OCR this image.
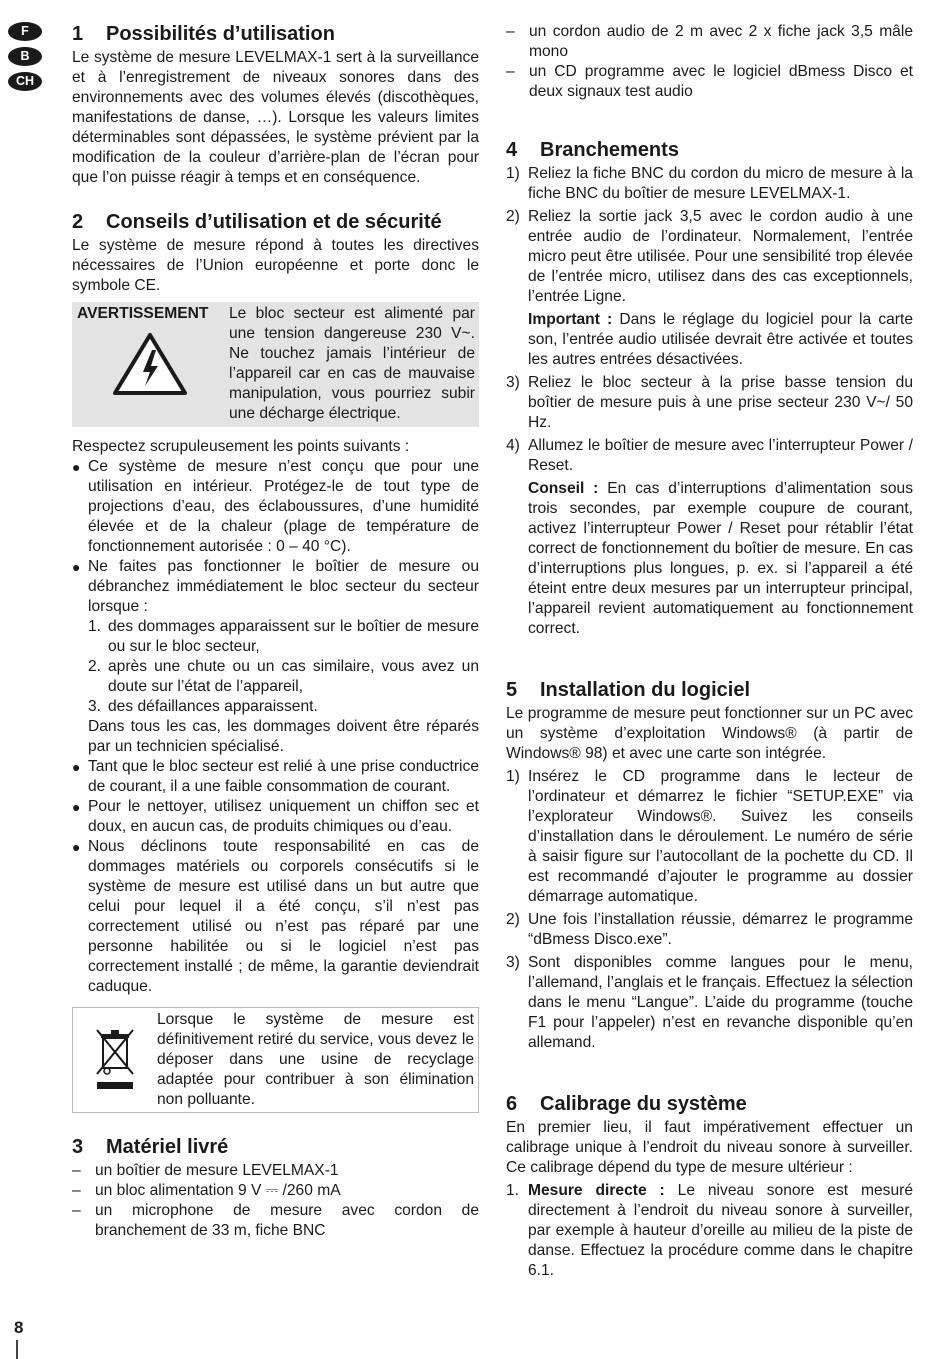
F
B
CH
1 Possibilités d’utilisation

Le système de mesure LEVELMAX-1 sert à la surveillance et à l’enregistrement de niveaux sonores dans des environnements avec des volumes élevés (discothèques, manifestations de danse, …). Lorsque les valeurs limites déterminables sont dépassées, le système prévient par la modification de la couleur d’arrière-plan de l’écran pour que l’on puisse réagir à temps et en conséquence.

2 Conseils d’utilisation et de sécurité

Le système de mesure répond à toutes les directives nécessaires de l’Union européenne et porte donc le symbole CE.

AVERTISSEMENT	Le bloc secteur est alimenté par une tension dangereuse 230 V~. Ne touchez jamais l’intérieur de l’appareil car en cas de mauvaise manipulation, vous pourriez subir une décharge électrique.

Respectez scrupuleusement les points suivants :

● Ce système de mesure n’est conçu que pour une utilisation en intérieur. Protégez-le de tout type de projections d’eau, des éclaboussures, d’une humidité élevée et de la chaleur (plage de température de fonctionnement autorisée : 0 – 40 °C).
● Ne faites pas fonctionner le boîtier de mesure ou débranchez immédiatement le bloc secteur du secteur lorsque :
1. des dommages apparaissent sur le boîtier de mesure ou sur le bloc secteur,
2. après une chute ou un cas similaire, vous avez un doute sur l’état de l’appareil,
3. des défaillances apparaissent.
Dans tous les cas, les dommages doivent être réparés par un technicien spécialisé.
● Tant que le bloc secteur est relié à une prise conductrice de courant, il a une faible consommation de courant.
● Pour le nettoyer, utilisez uniquement un chiffon sec et doux, en aucun cas, de produits chimiques ou d’eau.
● Nous déclinons toute responsabilité en cas de dommages matériels ou corporels consécutifs si le système de mesure est utilisé dans un but autre que celui pour lequel il a été conçu, s’il n’est pas correctement utilisé ou n’est pas réparé par une personne habilitée ou si le logiciel n’est pas correctement installé ; de même, la garantie deviendrait caduque.
Lorsque le système de mesure est définitivement retiré du service, vous devez le déposer dans une usine de recyclage adaptée pour contribuer à son élimination non polluante.
3 Matériel livré
– un boîtier de mesure LEVELMAX-1
– un bloc alimentation 9 V ⎓ /260 mA
– un microphone de mesure avec cordon de branchement de 33 m, fiche BNC
– un cordon audio de 2 m avec 2 x fiche jack 3,5 mâle mono
– un CD programme avec le logiciel dBmess Disco et deux signaux test audio
4 Branchements
1) Reliez la fiche BNC du cordon du micro de mesure à la fiche BNC du boîtier de mesure LEVELMAX-1.
2) Reliez la sortie jack 3,5 avec le cordon audio à une entrée audio de l’ordinateur. Normalement, l’entrée micro peut être utilisée. Pour une sensibilité trop élevée de l’entrée micro, utilisez dans des cas exceptionnels, l’entrée Ligne.
Important : Dans le réglage du logiciel pour la carte son, l’entrée audio utilisée devrait être activée et toutes les autres entrées désactivées.
3) Reliez le bloc secteur à la prise basse tension du boîtier de mesure puis à une prise secteur 230 V~/ 50 Hz.
4) Allumez le boîtier de mesure avec l’interrupteur Power / Reset.
Conseil : En cas d’interruptions d’alimentation sous trois secondes, par exemple coupure de courant, activez l’interrupteur Power / Reset pour rétablir l’état correct de fonctionnement du boîtier de mesure. En cas d’interruptions plus longues, p. ex. si l’appareil a été éteint entre deux mesures par un interrupteur principal, l’appareil revient automatiquement au fonctionnement correct.
5 Installation du logiciel

Le programme de mesure peut fonctionner sur un PC avec un système d’exploitation Windows® (à partir de Windows® 98) et avec une carte son intégrée.

1) Insérez le CD programme dans le lecteur de l’ordinateur et démarrez le fichier “SETUP.EXE” via l’explorateur Windows®. Suivez les conseils d’installation dans le déroulement. Le numéro de série à saisir figure sur l’autocollant de la pochette du CD. Il est recommandé d’ajouter le programme au dossier démarrage automatique.
2) Une fois l’installation réussie, démarrez le programme “dBmess Disco.exe”.
3) Sont disponibles comme langues pour le menu, l’allemand, l’anglais et le français. Effectuez la sélection dans le menu “Langue”. L’aide du programme (touche F1 pour l’appeler) n’est en revanche disponible qu’en allemand.
6 Calibrage du système

En premier lieu, il faut impérativement effectuer un calibrage unique à l’endroit du niveau sonore à surveiller. Ce calibrage dépend du type de mesure ultérieur :

1. Mesure directe : Le niveau sonore est mesuré directement à l’endroit du niveau sonore à surveiller, par exemple à hauteur d’oreille au milieu de la piste de danse. Effectuez la procédure comme dans le chapitre 6.1.
8
